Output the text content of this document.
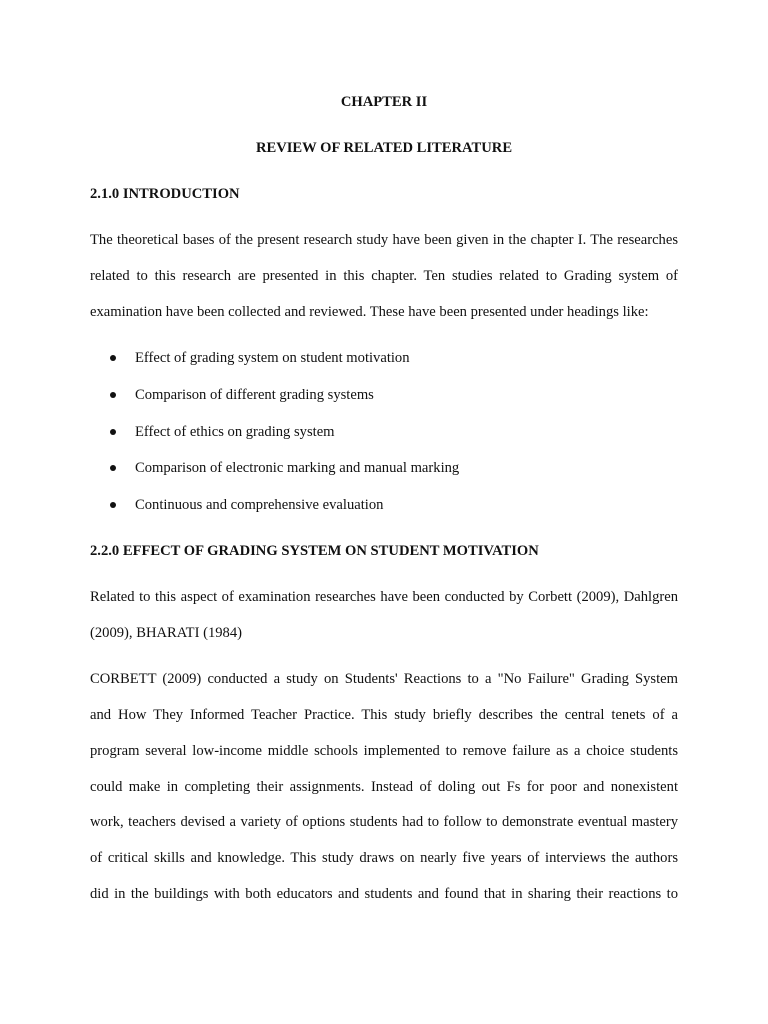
CHAPTER II
REVIEW OF RELATED LITERATURE
2.1.0 INTRODUCTION
The theoretical bases of the present research study have been given in the chapter I. The researches
related to this research are presented in this chapter. Ten studies related to Grading system of
examination have been collected and reviewed. These have been presented under headings like:
Effect of grading system on student motivation
Comparison of different grading systems
Effect of ethics on grading system
Comparison of electronic marking and manual marking
Continuous and comprehensive evaluation
2.2.0 EFFECT OF GRADING SYSTEM ON STUDENT MOTIVATION
Related to this aspect of examination researches have been conducted by Corbett (2009), Dahlgren
(2009), BHARATI (1984)
CORBETT (2009) conducted a study on Students' Reactions to a "No Failure" Grading System
and How They Informed Teacher Practice. This study briefly describes the central tenets of a
program several low-income middle schools implemented to remove failure as a choice students
could make in completing their assignments. Instead of doling out Fs for poor and nonexistent
work, teachers devised a variety of options students had to follow to demonstrate eventual mastery
of critical skills and knowledge. This study draws on nearly five years of interviews the authors
did in the buildings with both educators and students and found that in sharing their reactions to
